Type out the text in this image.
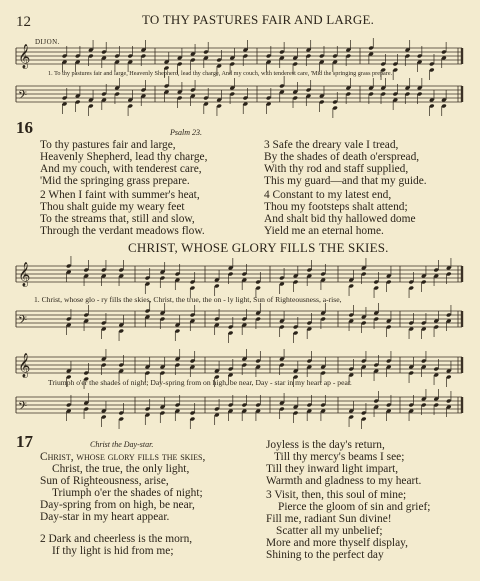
12	TO THY PASTURES FAIR AND LARGE.
DIJON.
𝄞
1. To thy pastures fair and large, Heavenly Shepherd, lead thy charge, And my couch, with tenderest care, 'Mid the springing grass prepare.
𝄢
16	Psalm 23.
To thy pastures fair and large,
Heavenly Shepherd, lead thy charge,
And my couch, with tenderest care,
'Mid the springing grass prepare.
2 When I faint with summer's heat,
Thou shalt guide my weary feet
To the streams that, still and slow,
Through the verdant meadows flow.
3 Safe the dreary vale I tread,
By the shades of death o'erspread,
With thy rod and staff supplied,
This my guard—and that my guide.
4 Constant to my latest end,
Thou my footsteps shalt attend;
And shalt bid thy hallowed dome
Yield me an eternal home.
CHRIST, WHOSE GLORY FILLS THE SKIES.
𝄞
1. Christ, whose glo - ry fills the skies, Christ, the true, the on - ly light, Sun of Righteousness, a-rise,
𝄢
𝄞
Triumph o'er the shades of night; Day-spring from on high, be near, Day - star in my heart ap - pear.
𝄢
17	Christ the Day-star.
Christ, whose glory fills the skies,
Christ, the true, the only light,
Sun of Righteousness, arise,
Triumph o'er the shades of night;
Day-spring from on high, be near,
Day-star in my heart appear.
2 Dark and cheerless is the morn,
If thy light is hid from me;
Joyless is the day's return,
Till thy mercy's beams I see;
Till they inward light impart,
Warmth and gladness to my heart.
3 Visit, then, this soul of mine;
Pierce the gloom of sin and grief;
Fill me, radiant Sun divine!
Scatter all my unbelief;
More and more thyself display,
Shining to the perfect day
